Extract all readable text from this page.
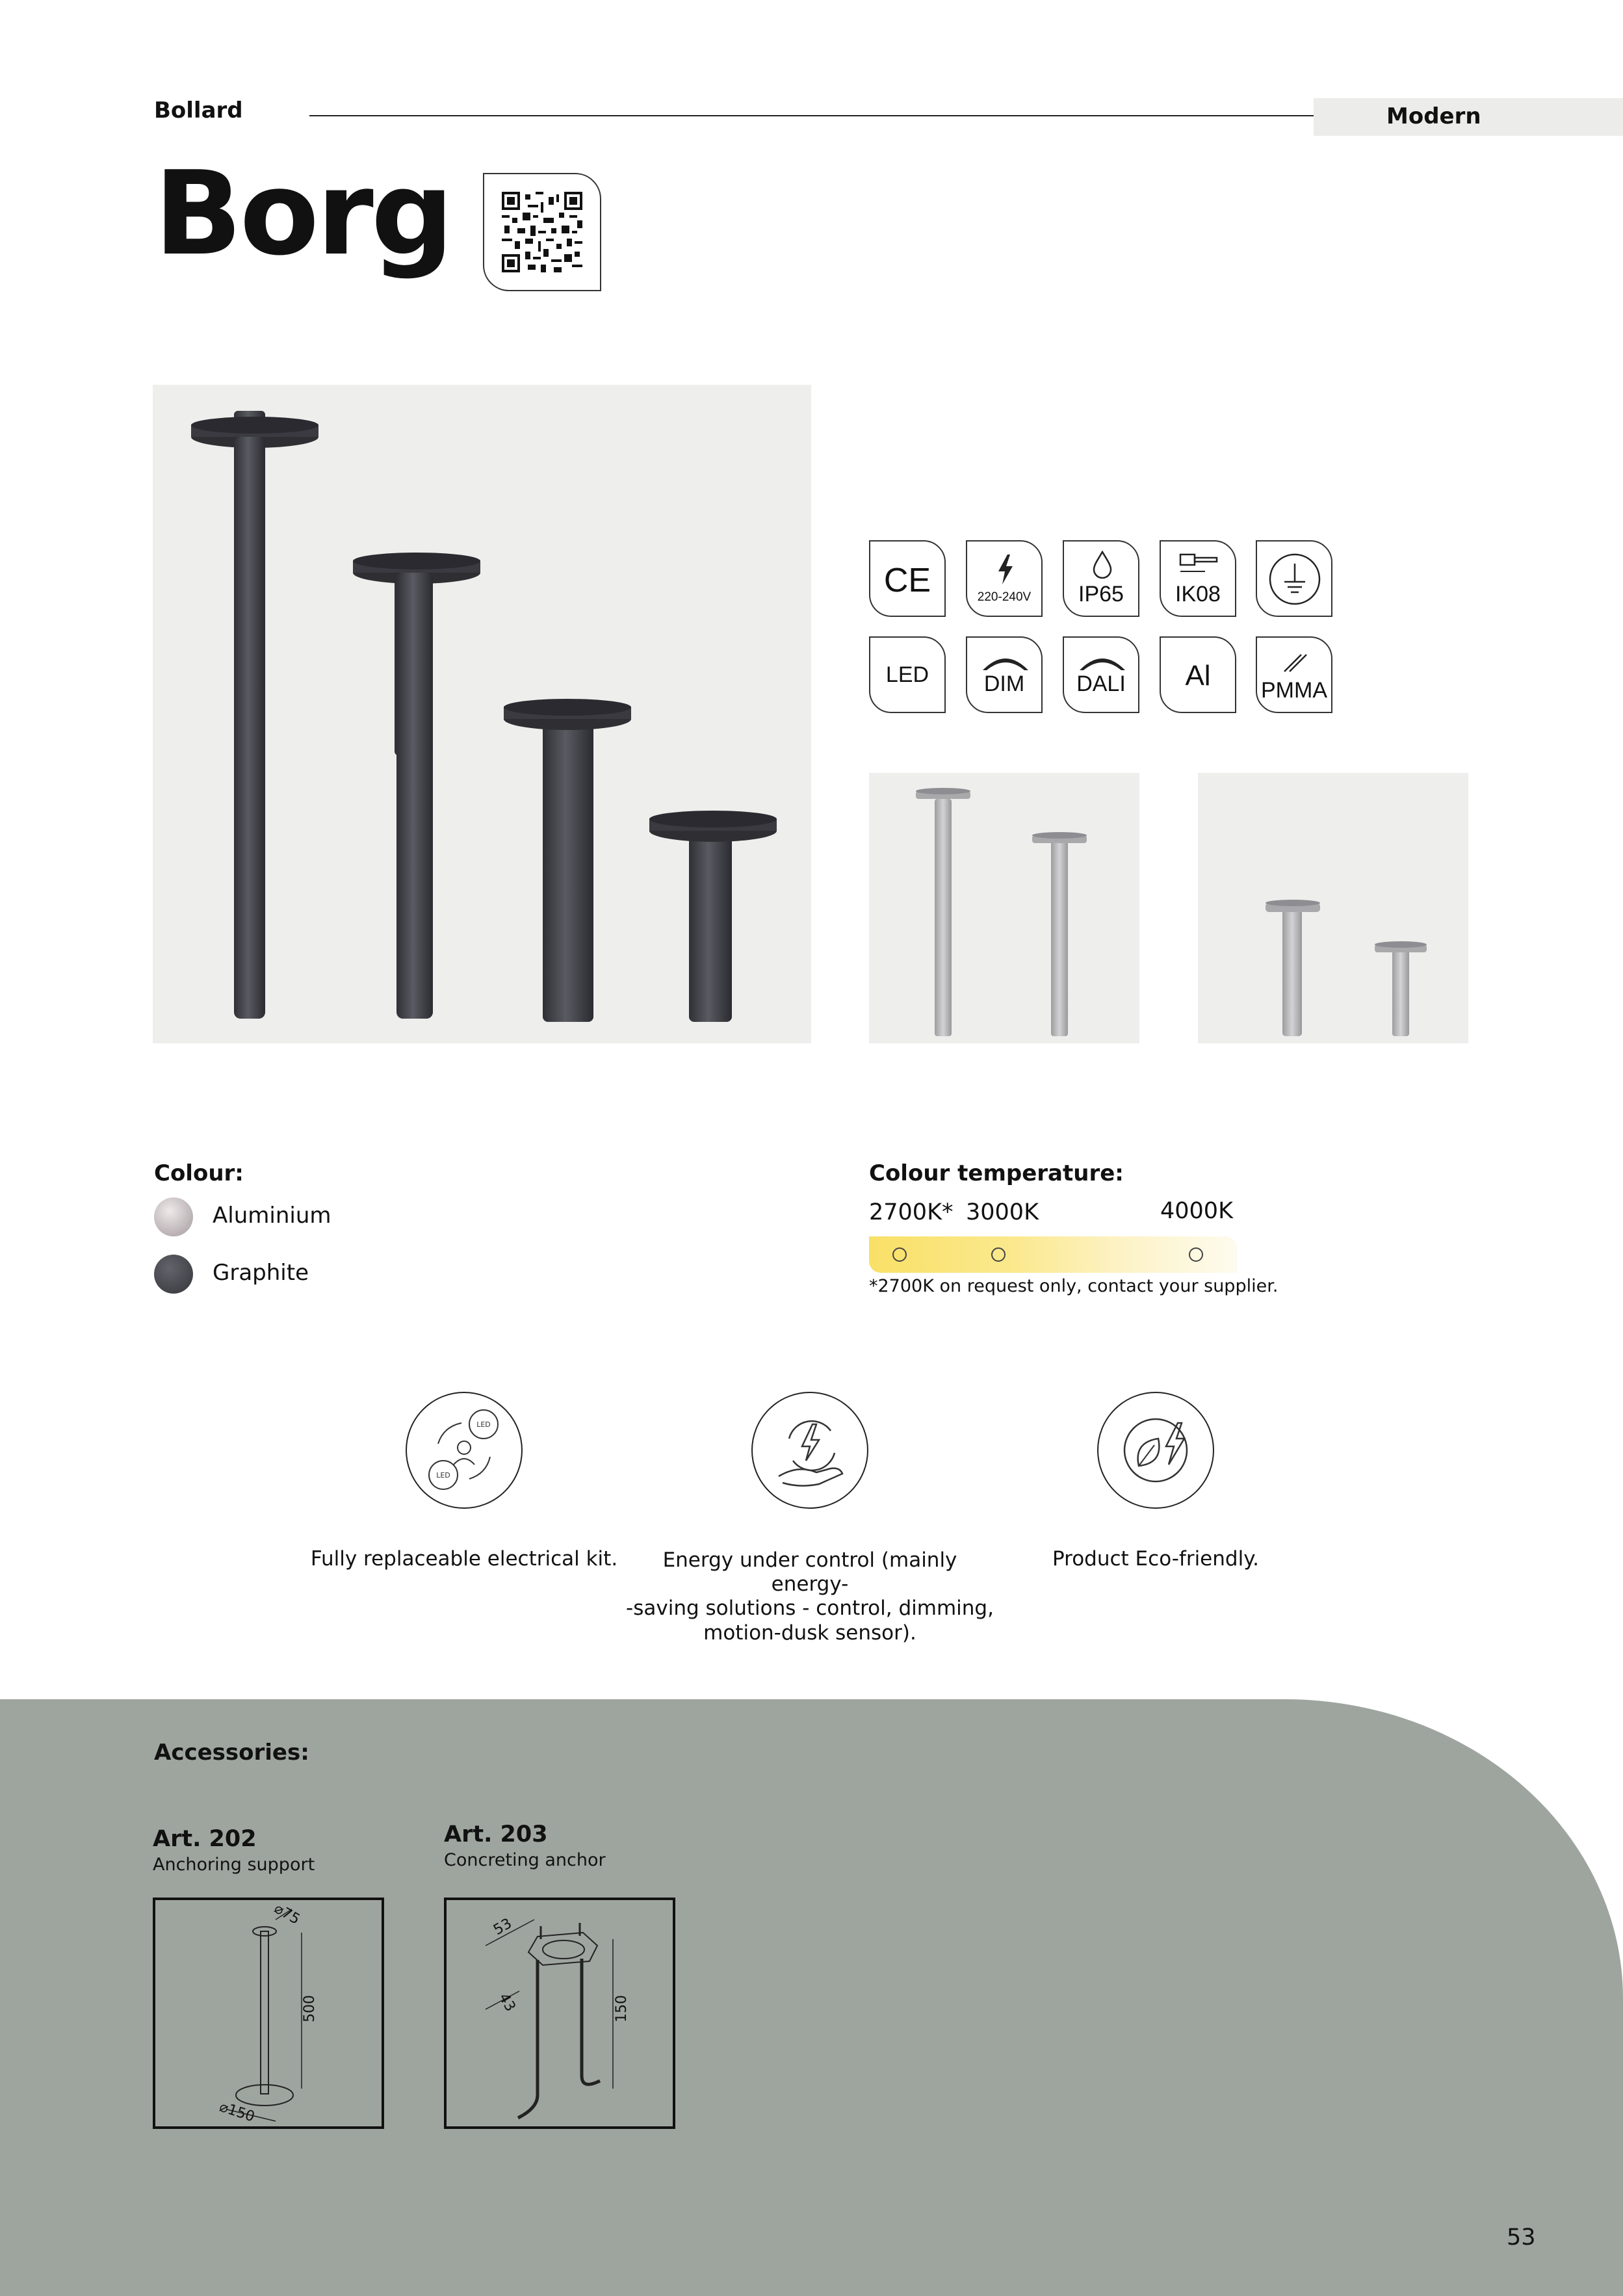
Bollard	Modern
Borg
CE	220-240V	IP65	IK08
LED	DIM	DALI	Al	PMMA
Colour:
Aluminium
Graphite
Colour temperature:
2700K* 3000K	4000K
*2700K on request only, contact your supplier.
LED
LED
Fully replaceable electrical kit.	Energy under control (mainly energy-
-saving solutions - control, dimming,
motion-dusk sensor).
Product Eco-friendly.
Accessories:
Art. 202
Anchoring support
Art. 203
Concreting anchor
500
⌀75
⌀150
150
53
43
53
